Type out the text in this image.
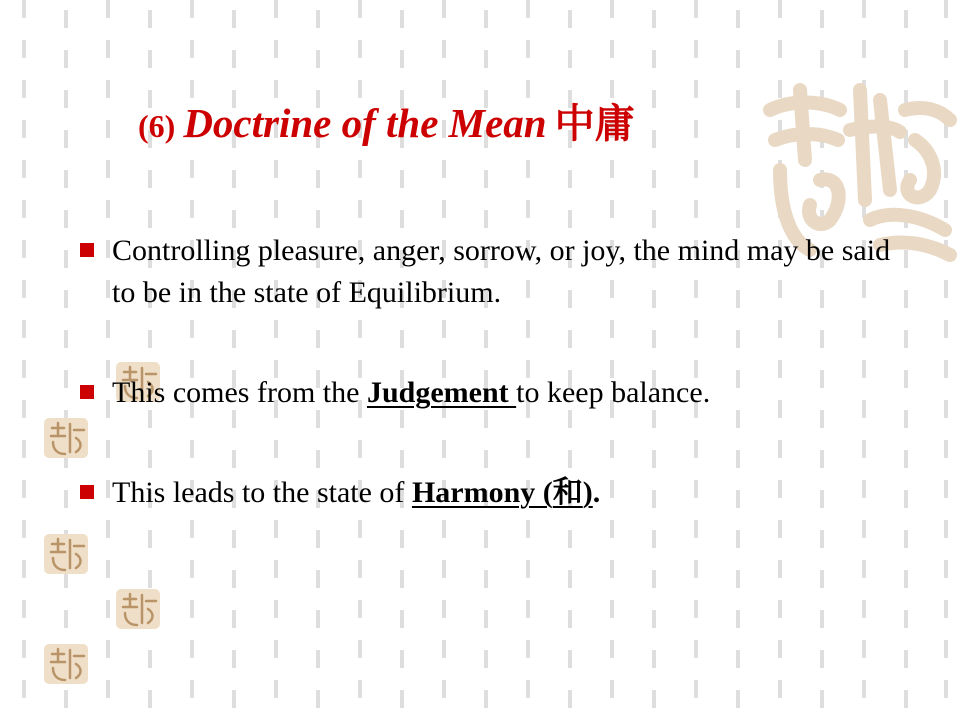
(6) Doctrine of the Mean 中庸
Controlling pleasure, anger, sorrow, or joy, the mind may be said to be in the state of Equilibrium.
This comes from the Judgement to keep balance.
This leads to the state of Harmony (和).
